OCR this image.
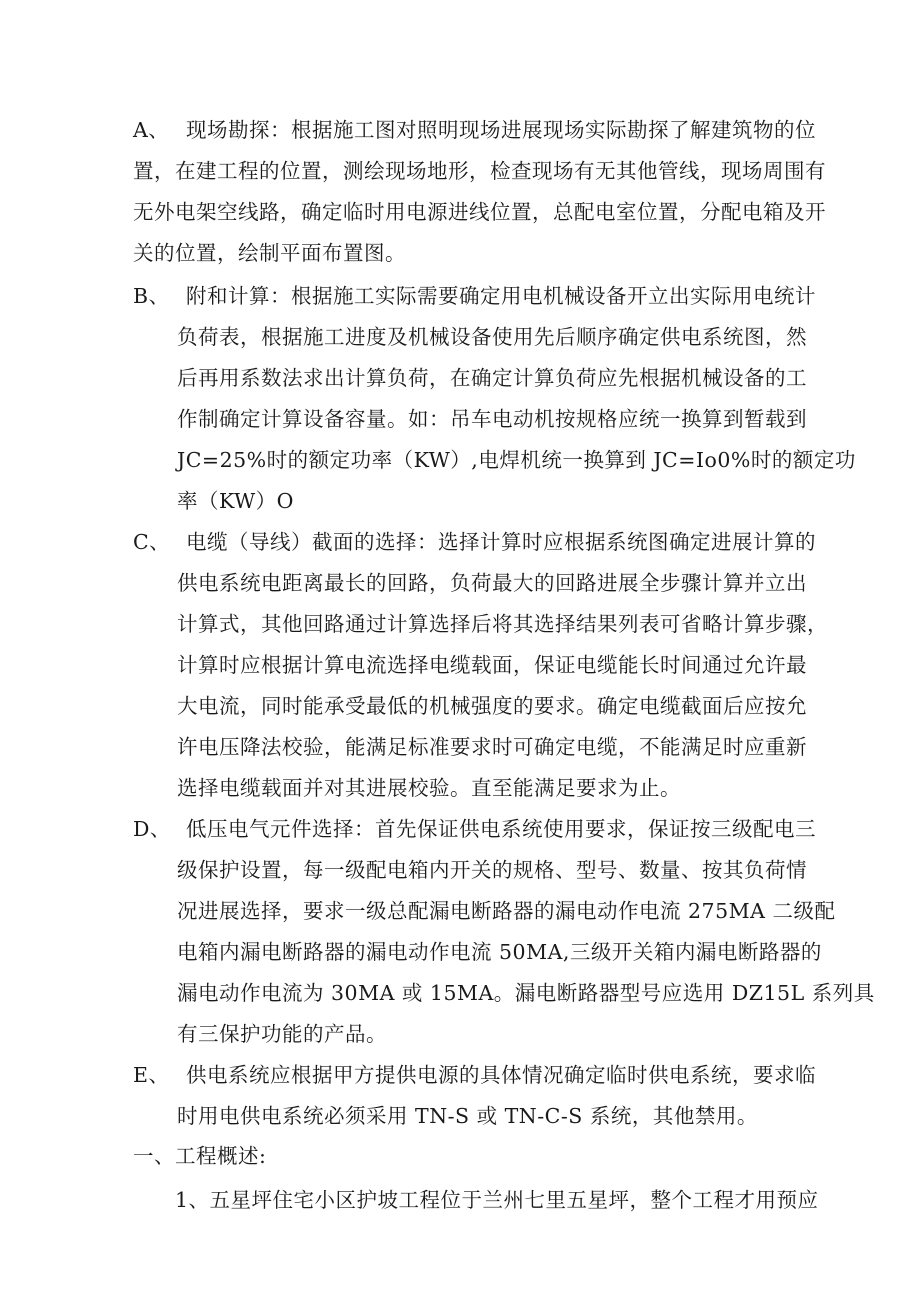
A、 现场勘探：根据施工图对照明现场进展现场实际勘探了解建筑物的位
置，在建工程的位置，测绘现场地形，检查现场有无其他管线，现场周围有
无外电架空线路，确定临时用电源进线位置，总配电室位置，分配电箱及开
关的位置，绘制平面布置图。
B、 附和计算：根据施工实际需要确定用电机械设备开立出实际用电统计
负荷表，根据施工进度及机械设备使用先后顺序确定供电系统图，然
后再用系数法求出计算负荷，在确定计算负荷应先根据机械设备的工
作制确定计算设备容量。如：吊车电动机按规格应统一换算到暂载到
JC=25%时的额定功率（KW）,电焊机统一换算到 JC=Io0%时的额定功
率（KW）O
C、 电缆（导线）截面的选择：选择计算时应根据系统图确定进展计算的
供电系统电距离最长的回路，负荷最大的回路进展全步骤计算并立出
计算式，其他回路通过计算选择后将其选择结果列表可省略计算步骤，
计算时应根据计算电流选择电缆载面，保证电缆能长时间通过允许最
大电流，同时能承受最低的机械强度的要求。确定电缆截面后应按允
许电压降法校验，能满足标准要求时可确定电缆，不能满足时应重新
选择电缆载面并对其进展校验。直至能满足要求为止。
D、 低压电气元件选择：首先保证供电系统使用要求，保证按三级配电三
级保护设置，每一级配电箱内开关的规格、型号、数量、按其负荷情
况进展选择，要求一级总配漏电断路器的漏电动作电流 275MA 二级配
电箱内漏电断路器的漏电动作电流 50MA,三级开关箱内漏电断路器的
漏电动作电流为 30MA 或 15MA。漏电断路器型号应选用 DZ15L 系列具
有三保护功能的产品。
E、 供电系统应根据甲方提供电源的具体情况确定临时供电系统，要求临
时用电供电系统必须采用 TN-S 或 TN-C-S 系统，其他禁用。
一、工程概述:
1、五星坪住宅小区护坡工程位于兰州七里五星坪，整个工程才用预应
